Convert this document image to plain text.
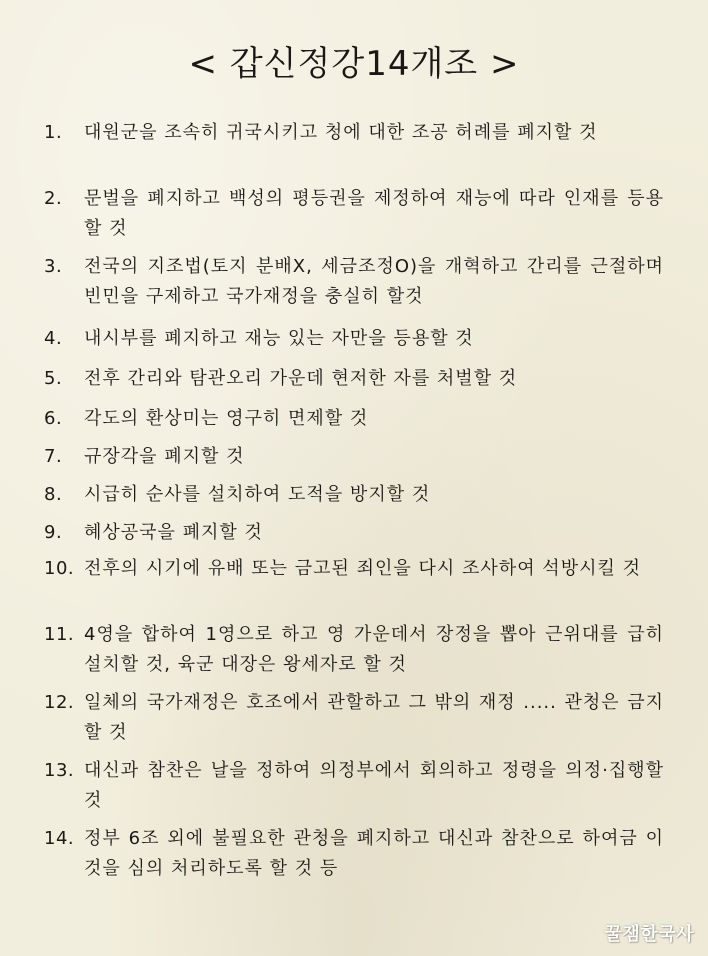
< 갑신정강14개조 >
1.	대원군을 조속히 귀국시키고 청에 대한 조공 허례를 폐지할 것
2.	문벌을 폐지하고 백성의 평등권을 제정하여 재능에 따라 인재를 등용할 것
3.	전국의 지조법(토지 분배X, 세금조정O)을 개혁하고 간리를 근절하며 빈민을 구제하고 국가재정을 충실히 할것
4.	내시부를 폐지하고 재능 있는 자만을 등용할 것
5.	전후 간리와 탐관오리 가운데 현저한 자를 처벌할 것
6.	각도의 환상미는 영구히 면제할 것
7.	규장각을 폐지할 것
8.	시급히 순사를 설치하여 도적을 방지할 것
9.	혜상공국을 폐지할 것
10. 전후의 시기에 유배 또는 금고된 죄인을 다시 조사하여 석방시킬 것
11. 4영을 합하여 1영으로 하고 영 가운데서 장정을 뽑아 근위대를 급히 설치할 것, 육군 대장은 왕세자로 할 것
12. 일체의 국가재정은 호조에서 관할하고 그 밖의 재정 ..... 관청은 금지할 것
13. 대신과 참찬은 날을 정하여 의정부에서 회의하고 정령을 의정·집행할 것
14. 정부 6조 외에 불필요한 관청을 폐지하고 대신과 참찬으로 하여금 이것을 심의 처리하도록 할 것 등
꿀잼한국사
